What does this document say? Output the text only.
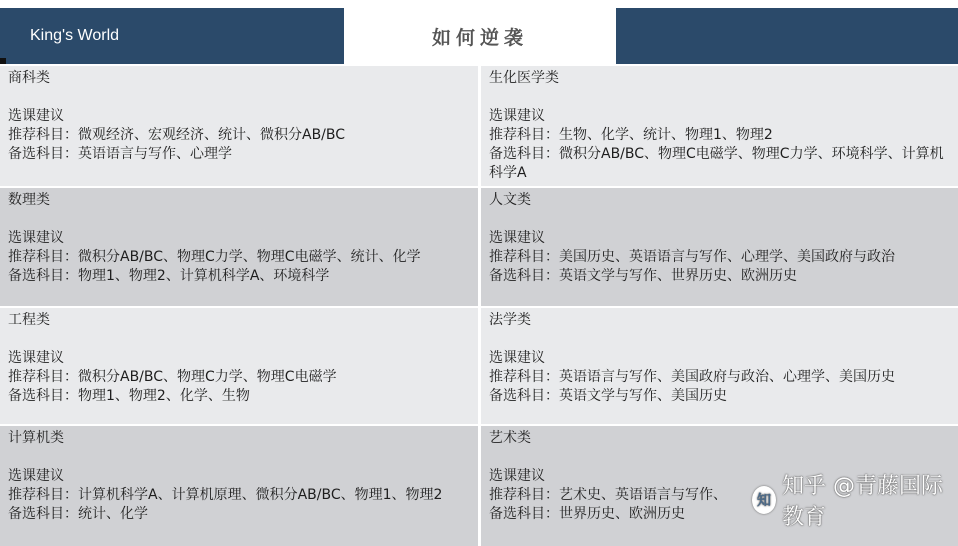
King's World	如何逆袭
商科类
选课建议
推荐科目：微观经济、宏观经济、统计、微积分AB/BC
备选科目：英语语言与写作、心理学
生化医学类
选课建议
推荐科目：生物、化学、统计、物理1、物理2
备选科目：微积分AB/BC、物理C电磁学、物理C力学、环境科学、计算机科学A
数理类
选课建议
推荐科目：微积分AB/BC、物理C力学、物理C电磁学、统计、化学
备选科目：物理1、物理2、计算机科学A、环境科学
人文类
选课建议
推荐科目：美国历史、英语语言与写作、心理学、美国政府与政治
备选科目：英语文学与写作、世界历史、欧洲历史
工程类
选课建议
推荐科目：微积分AB/BC、物理C力学、物理C电磁学
备选科目：物理1、物理2、化学、生物
法学类
选课建议
推荐科目：英语语言与写作、美国政府与政治、心理学、美国历史
备选科目：英语文学与写作、美国历史
计算机类
选课建议
推荐科目：计算机科学A、计算机原理、微积分AB/BC、物理1、物理2
备选科目：统计、化学
艺术类
选课建议
推荐科目：艺术史、英语语言与写作、
备选科目：世界历史、欧洲历史
知
知乎 @青藤国际教育
